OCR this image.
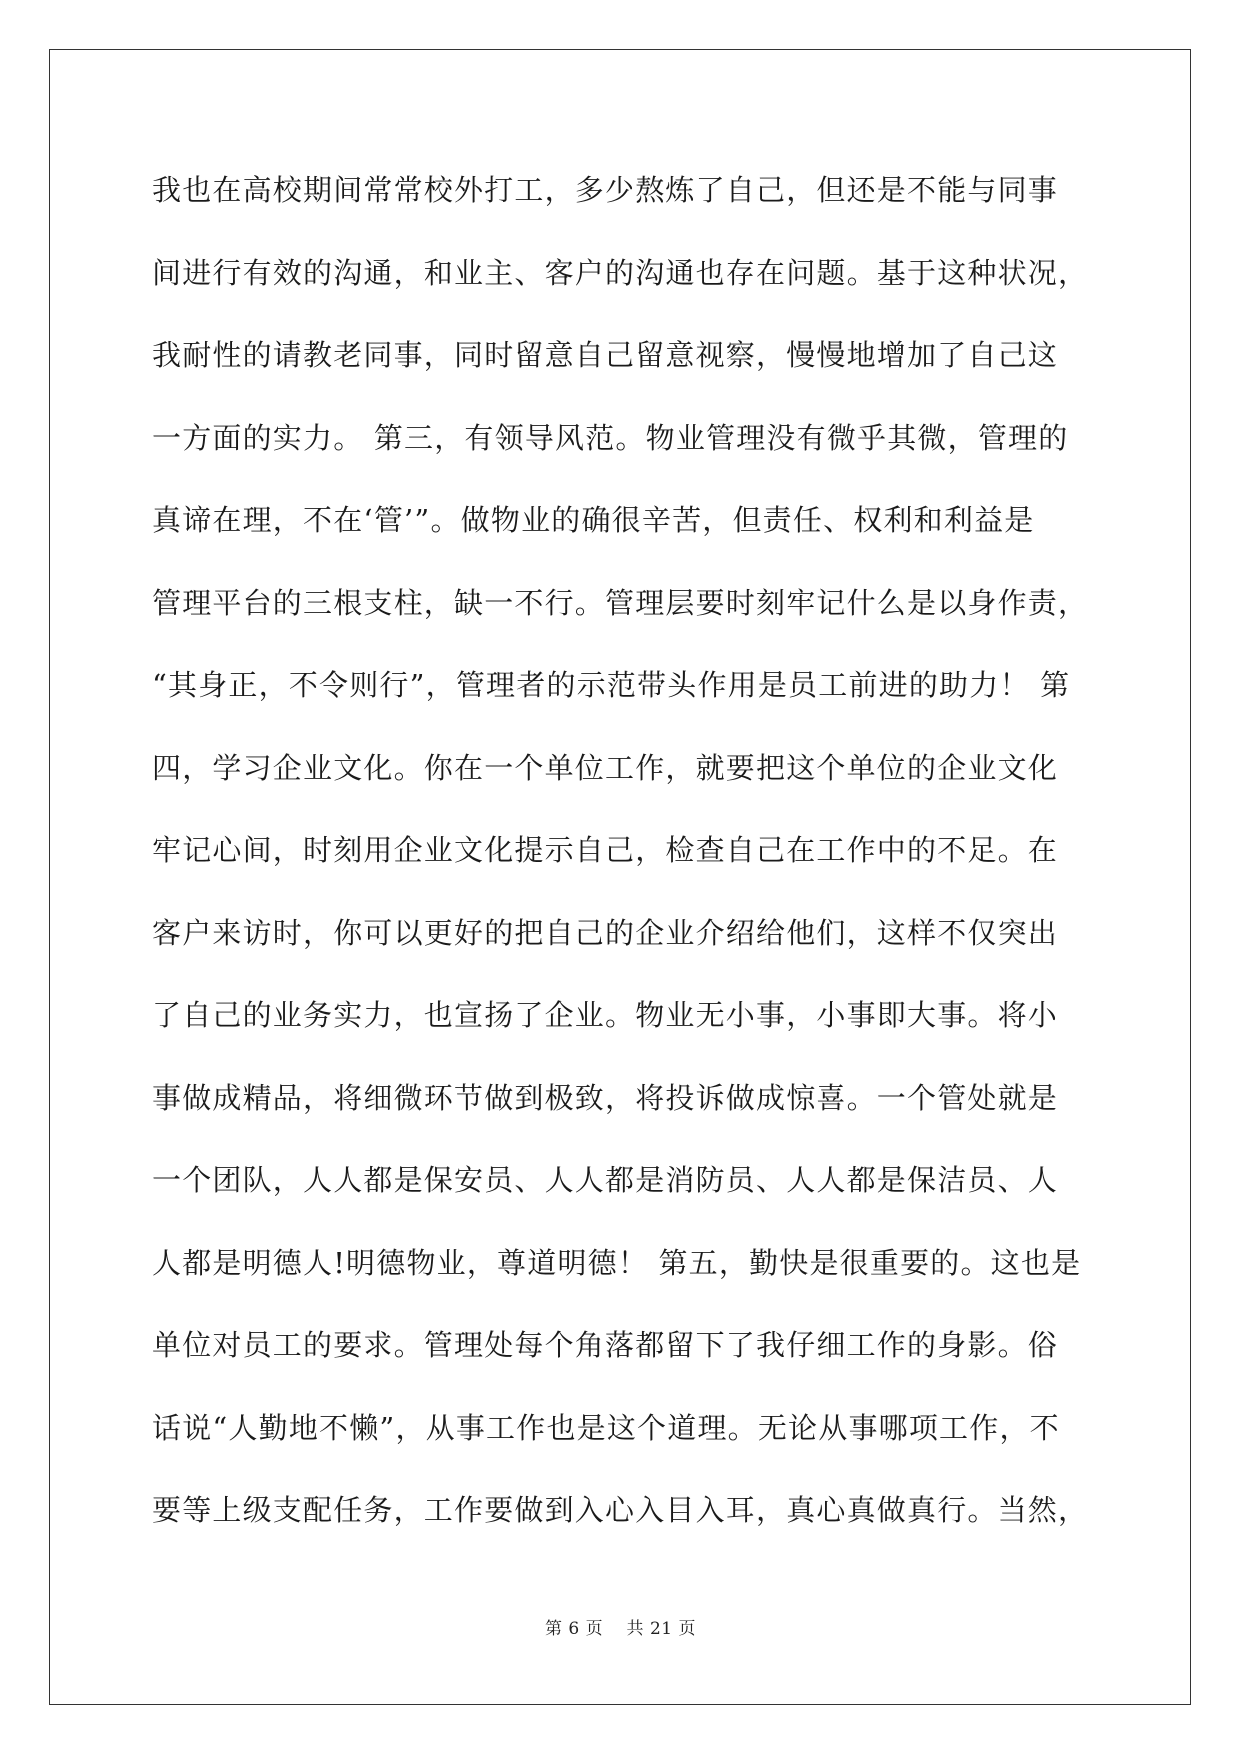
我也在高校期间常常校外打工，多少熬炼了自己，但还是不能与同事
间进行有效的沟通，和业主、客户的沟通也存在问题。基于这种状况，
我耐性的请教老同事，同时留意自己留意视察，慢慢地增加了自己这
一方面的实力。 第三，有领导风范。物业管理没有微乎其微，管理的
真谛在理，不在‘管’”。做物业的确很辛苦，但责任、权利和利益是
管理平台的三根支柱，缺一不行。管理层要时刻牢记什么是以身作责，
“其身正，不令则行”，管理者的示范带头作用是员工前进的助力！ 第
四，学习企业文化。你在一个单位工作，就要把这个单位的企业文化
牢记心间，时刻用企业文化提示自己，检查自己在工作中的不足。在
客户来访时，你可以更好的把自己的企业介绍给他们，这样不仅突出
了自己的业务实力，也宣扬了企业。物业无小事，小事即大事。将小
事做成精品，将细微环节做到极致，将投诉做成惊喜。一个管处就是
一个团队，人人都是保安员、人人都是消防员、人人都是保洁员、人
人都是明德人!明德物业，尊道明德！ 第五，勤快是很重要的。这也是
单位对员工的要求。管理处每个角落都留下了我仔细工作的身影。俗
话说“人勤地不懒”，从事工作也是这个道理。无论从事哪项工作，不
要等上级支配任务，工作要做到入心入目入耳，真心真做真行。当然，
第 6 页　 共 21 页
